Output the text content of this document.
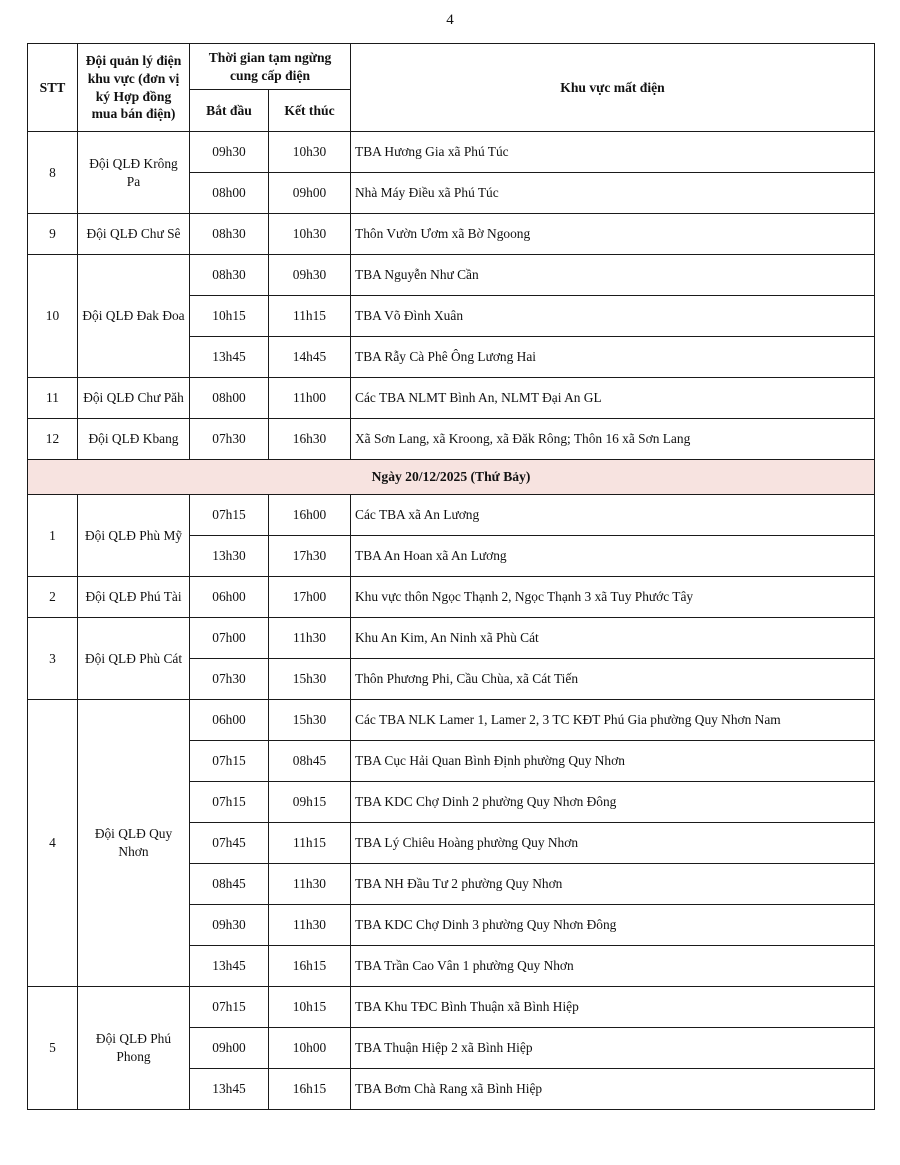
4
STT	Đội quản lý điện khu vực (đơn vị ký Hợp đồng mua bán điện)	Thời gian tạm ngừng cung cấp điện		Khu vực mất điện
		Bắt đầu	Kết thúc	
8	Đội QLĐ Krông Pa	09h30	10h30	TBA Hương Gia xã Phú Túc
		08h00	09h00	Nhà Máy Điều xã Phú Túc
9	Đội QLĐ Chư Sê	08h30	10h30	Thôn Vườn Ươm xã Bờ Ngoong
10	Đội QLĐ Đak Đoa	08h30	09h30	TBA Nguyễn Như Cần
		10h15	11h15	TBA Võ Đình Xuân
		13h45	14h45	TBA Rẫy Cà Phê Ông Lương Hai
11	Đội QLĐ Chư Păh	08h00	11h00	Các TBA NLMT Bình An, NLMT Đại An GL
12	Đội QLĐ Kbang	07h30	16h30	Xã Sơn Lang, xã Kroong, xã Đăk Rông; Thôn 16 xã Sơn Lang
Ngày 20/12/2025 (Thứ Bảy)				
1	Đội QLĐ Phù Mỹ	07h15	16h00	Các TBA xã An Lương
		13h30	17h30	TBA An Hoan xã An Lương
2	Đội QLĐ Phú Tài	06h00	17h00	Khu vực thôn Ngọc Thạnh 2, Ngọc Thạnh 3 xã Tuy Phước Tây
3	Đội QLĐ Phù Cát	07h00	11h30	Khu An Kim, An Ninh xã Phù Cát
		07h30	15h30	Thôn Phương Phi, Cầu Chùa, xã Cát Tiến
4	Đội QLĐ Quy Nhơn	06h00	15h30	Các TBA NLK Lamer 1, Lamer 2, 3 TC KĐT Phú Gia phường Quy Nhơn Nam
		07h15	08h45	TBA Cục Hải Quan Bình Định phường Quy Nhơn
		07h15	09h15	TBA KDC Chợ Dinh 2 phường Quy Nhơn Đông
		07h45	11h15	TBA Lý Chiêu Hoàng phường Quy Nhơn
		08h45	11h30	TBA NH Đầu Tư 2 phường Quy Nhơn
		09h30	11h30	TBA KDC Chợ Dinh 3 phường Quy Nhơn Đông
		13h45	16h15	TBA Trần Cao Vân 1 phường Quy Nhơn
5	Đội QLĐ Phú Phong	07h15	10h15	TBA Khu TĐC Bình Thuận xã Bình Hiệp
		09h00	10h00	TBA Thuận Hiệp 2 xã Bình Hiệp
		13h45	16h15	TBA Bơm Chà Rang xã Bình Hiệp
